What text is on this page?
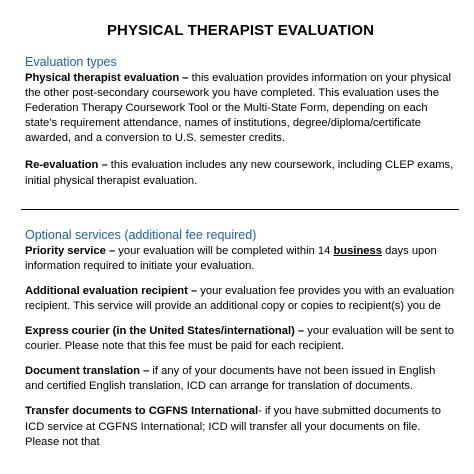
PHYSICAL THERAPIST EVALUATION
Evaluation types

Physical therapist evaluation – this evaluation provides information on your physical the other post-secondary coursework you have completed. This evaluation uses the Federation Therapy Coursework Tool or the Multi-State Form, depending on each state’s requirement attendance, names of institutions, degree/diploma/certificate awarded, and a conversion to U.S. semester credits.

Re-evaluation – this evaluation includes any new coursework, including CLEP exams, initial physical therapist evaluation.

Optional services (additional fee required)

Priority service – your evaluation will be completed within 14 business days upon information required to initiate your evaluation.

Additional evaluation recipient – your evaluation fee provides you with an evaluation recipient. This service will provide an additional copy or copies to recipient(s) you de

Express courier (in the United States/international) – your evaluation will be sent to courier. Please note that this fee must be paid for each recipient.

Document translation – if any of your documents have not been issued in English and certified English translation, ICD can arrange for translation of documents.

Transfer documents to CGFNS International- if you have submitted documents to ICD service at CGFNS International; ICD will transfer all your documents on file. Please not that
